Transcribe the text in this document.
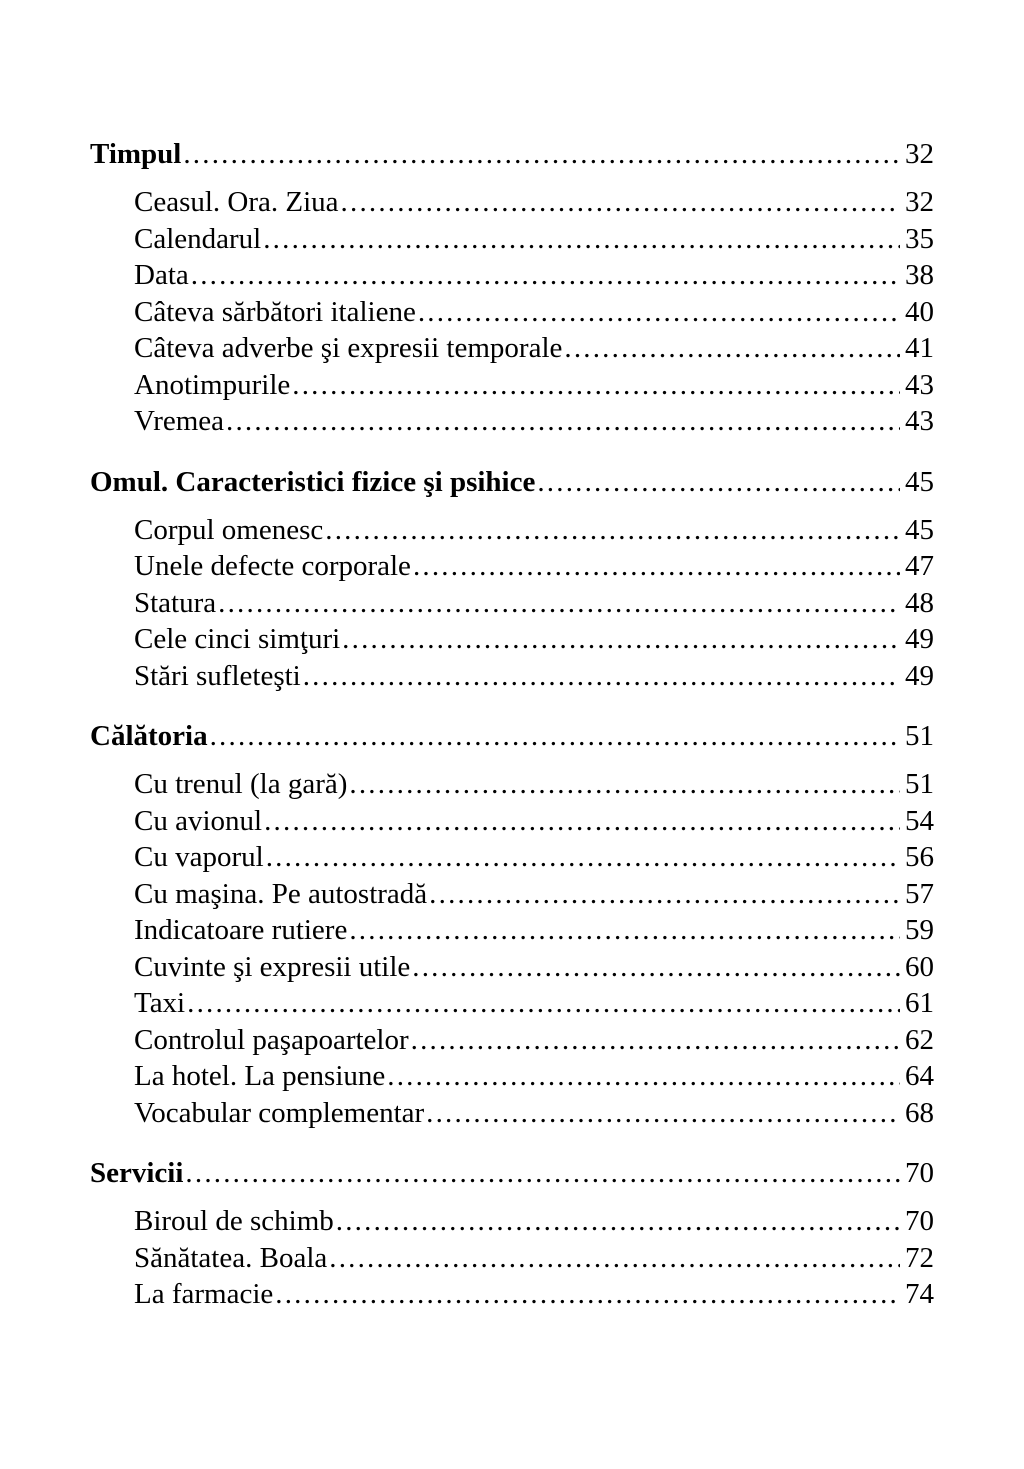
Timpul .....	32
Ceasul. Ora. Ziua .....	32
Calendarul .....	35
Data .....	38
Câteva sărbători italiene .....	40
Câteva adverbe şi expresii temporale .....	41
Anotimpurile .....	43
Vremea .....	43
Omul. Caracteristici fizice şi psihice .....	45
Corpul omenesc .....	45
Unele defecte corporale .....	47
Statura .....	48
Cele cinci simţuri .....	49
Stări sufleteşti .....	49
Călătoria .....	51
Cu trenul (la gară) .....	51
Cu avionul .....	54
Cu vaporul .....	56
Cu maşina. Pe autostradă .....	57
Indicatoare rutiere .....	59
Cuvinte şi expresii utile .....	60
Taxi .....	61
Controlul paşapoartelor .....	62
La hotel. La pensiune .....	64
Vocabular complementar .....	68
Servicii .....	70
Biroul de schimb .....	70
Sănătatea. Boala .....	72
La farmacie .....	74
